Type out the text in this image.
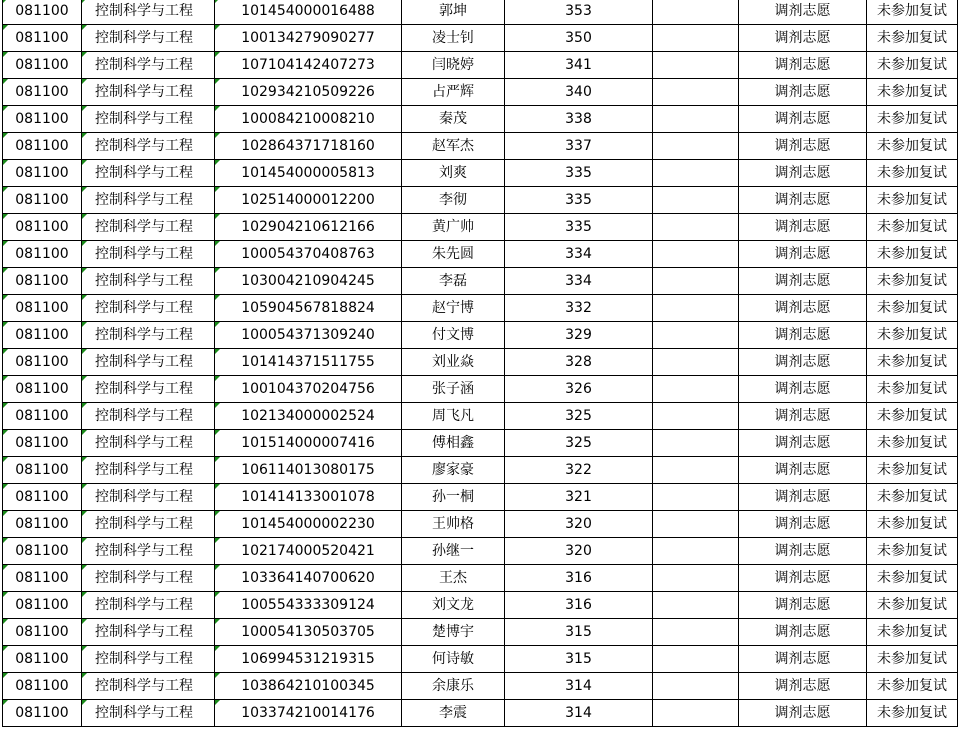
081100	控制科学与工程	101454000016488	郭坤	353		调剂志愿	未参加复试
081100	控制科学与工程	100134279090277	凌士钊	350		调剂志愿	未参加复试
081100	控制科学与工程	107104142407273	闫晓婷	341		调剂志愿	未参加复试
081100	控制科学与工程	102934210509226	占严辉	340		调剂志愿	未参加复试
081100	控制科学与工程	100084210008210	秦茂	338		调剂志愿	未参加复试
081100	控制科学与工程	102864371718160	赵军杰	337		调剂志愿	未参加复试
081100	控制科学与工程	101454000005813	刘爽	335		调剂志愿	未参加复试
081100	控制科学与工程	102514000012200	李彻	335		调剂志愿	未参加复试
081100	控制科学与工程	102904210612166	黄广帅	335		调剂志愿	未参加复试
081100	控制科学与工程	100054370408763	朱先圆	334		调剂志愿	未参加复试
081100	控制科学与工程	103004210904245	李磊	334		调剂志愿	未参加复试
081100	控制科学与工程	105904567818824	赵宁博	332		调剂志愿	未参加复试
081100	控制科学与工程	100054371309240	付文博	329		调剂志愿	未参加复试
081100	控制科学与工程	101414371511755	刘业焱	328		调剂志愿	未参加复试
081100	控制科学与工程	100104370204756	张子涵	326		调剂志愿	未参加复试
081100	控制科学与工程	102134000002524	周飞凡	325		调剂志愿	未参加复试
081100	控制科学与工程	101514000007416	傅相鑫	325		调剂志愿	未参加复试
081100	控制科学与工程	106114013080175	廖家豪	322		调剂志愿	未参加复试
081100	控制科学与工程	101414133001078	孙一桐	321		调剂志愿	未参加复试
081100	控制科学与工程	101454000002230	王帅格	320		调剂志愿	未参加复试
081100	控制科学与工程	102174000520421	孙继一	320		调剂志愿	未参加复试
081100	控制科学与工程	103364140700620	王杰	316		调剂志愿	未参加复试
081100	控制科学与工程	100554333309124	刘文龙	316		调剂志愿	未参加复试
081100	控制科学与工程	100054130503705	楚博宇	315		调剂志愿	未参加复试
081100	控制科学与工程	106994531219315	何诗敏	315		调剂志愿	未参加复试
081100	控制科学与工程	103864210100345	余康乐	314		调剂志愿	未参加复试
081100	控制科学与工程	103374210014176	李震	314		调剂志愿	未参加复试
